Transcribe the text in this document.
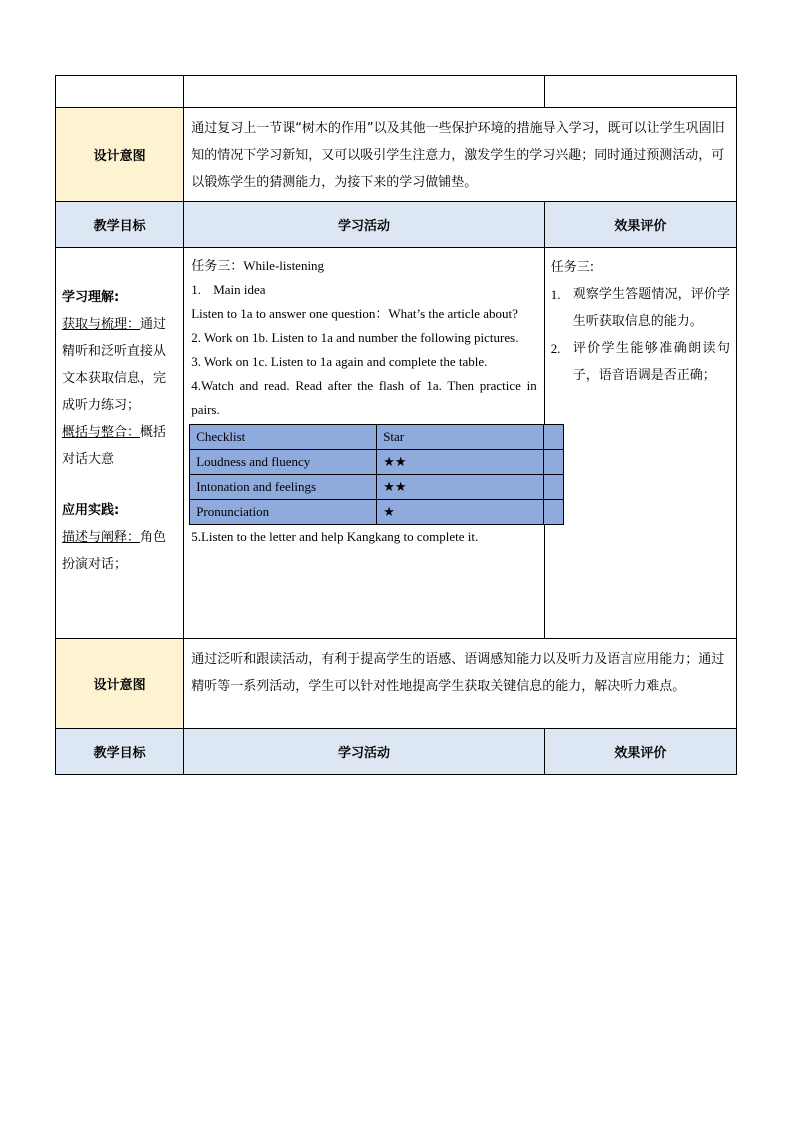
设计意图	通过复习上一节课“树木的作用”以及其他一些保护环境的措施导入学习，既可以让学生巩固旧知的情况下学习新知，又可以吸引学生注意力，激发学生的学习兴趣；同时通过预测活动，可以锻炼学生的猜测能力，为接下来的学习做铺垫。
教学目标	学习活动	效果评价

学习理解:
获取与梳理：通过精听和泛听直接从文本获取信息，完成听力练习；
概括与整合：概括对话大意
应用实践:
描述与阐释：角色扮演对话；

任务三：While-listening
1. Main idea
Listen to 1a to answer one question：What’s the article about?
2. Work on 1b. Listen to 1a and number the following pictures.
3. Work on 1c. Listen to 1a again and complete the table.
4.Watch and read. Read after the flash of 1a. Then practice in pairs.
Checklist	Star	
Loudness and fluency	★★	
Intonation and feelings	★★	
Pronunciation	★	
5.Listen to the letter and help Kangkang to complete it.

任务三:
1. 观察学生答题情况，评价学生听获取信息的能力。
2. 评价学生能够准确朗读句子，语音语调是否正确；

设计意图	通过泛听和跟读活动，有利于提高学生的语感、语调感知能力以及听力及语言应用能力；通过精听等一系列活动，学生可以针对性地提高学生获取关键信息的能力，解决听力难点。
教学目标	学习活动	效果评价
